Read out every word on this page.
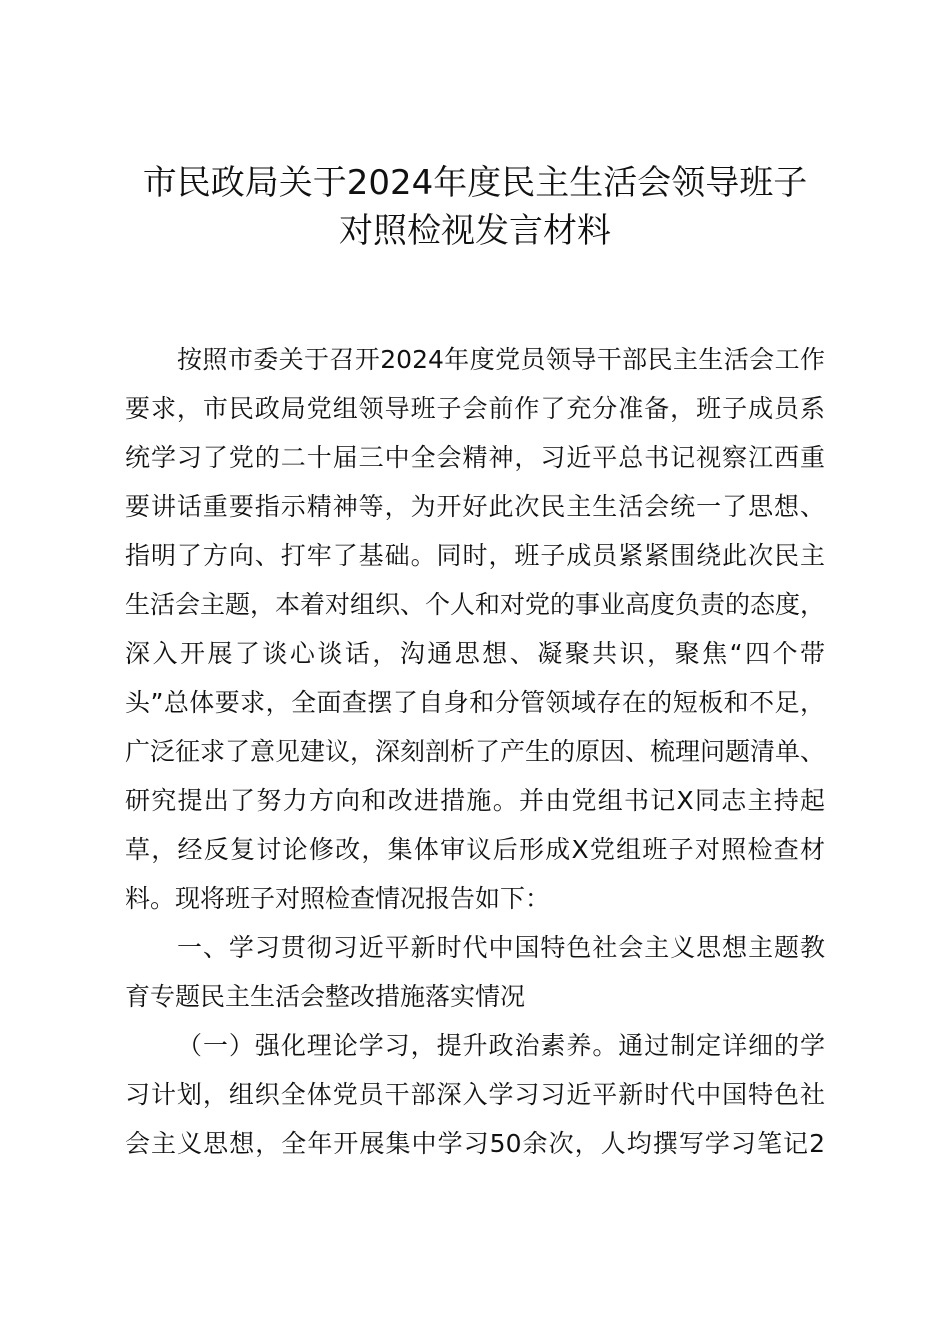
市民政局关于2024年度民主生活会领导班子
对照检视发言材料
按照市委关于召开2024年度党员领导干部民主生活会工作
要求，市民政局党组领导班子会前作了充分准备，班子成员系
统学习了党的二十届三中全会精神，习近平总书记视察江西重
要讲话重要指示精神等，为开好此次民主生活会统一了思想、
指明了方向、打牢了基础。同时，班子成员紧紧围绕此次民主
生活会主题，本着对组织、个人和对党的事业高度负责的态度，
深入开展了谈心谈话，沟通思想、凝聚共识，聚焦“四个带
头”总体要求，全面查摆了自身和分管领域存在的短板和不足，
广泛征求了意见建议，深刻剖析了产生的原因、梳理问题清单、
研究提出了努力方向和改进措施。并由党组书记X同志主持起
草，经反复讨论修改，集体审议后形成X党组班子对照检查材
料。现将班子对照检查情况报告如下：
一、学习贯彻习近平新时代中国特色社会主义思想主题教
育专题民主生活会整改措施落实情况
（一）强化理论学习，提升政治素养。通过制定详细的学
习计划，组织全体党员干部深入学习习近平新时代中国特色社
会主义思想，全年开展集中学习50余次，人均撰写学习笔记2
